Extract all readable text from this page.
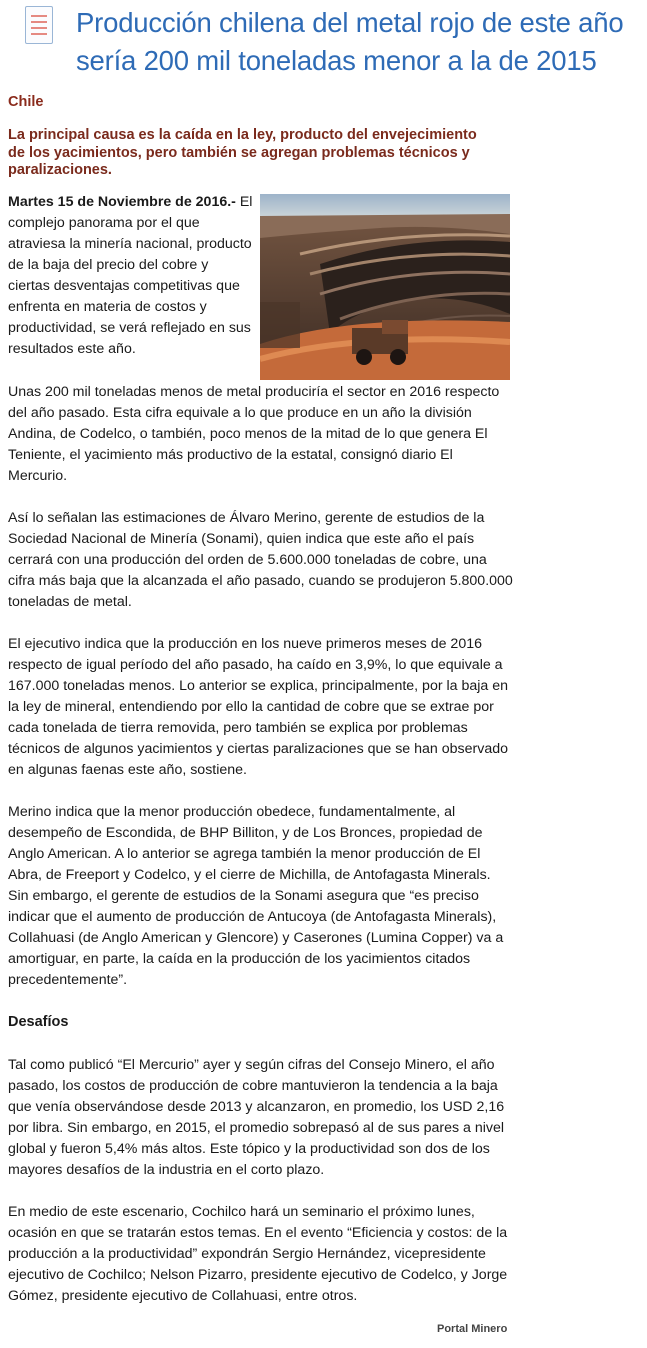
Producción chilena del metal rojo de este año sería 200 mil toneladas menor a la de 2015
Chile

La principal causa es la caída en la ley, producto del envejecimiento de los yacimientos, pero también se agregan problemas técnicos y paralizaciones.

Martes 15 de Noviembre de 2016.- El complejo panorama por el que atraviesa la minería nacional, producto de la baja del precio del cobre y ciertas desventajas competitivas que enfrenta en materia de costos y productividad, se verá reflejado en sus resultados este año.

Unas 200 mil toneladas menos de metal produciría el sector en 2016 respecto del año pasado. Esta cifra equivale a lo que produce en un año la división Andina, de Codelco, o también, poco menos de la mitad de lo que genera El Teniente, el yacimiento más productivo de la estatal, consignó diario El Mercurio.

Así lo señalan las estimaciones de Álvaro Merino, gerente de estudios de la Sociedad Nacional de Minería (Sonami), quien indica que este año el país cerrará con una producción del orden de 5.600.000 toneladas de cobre, una cifra más baja que la alcanzada el año pasado, cuando se produjeron 5.800.000 toneladas de metal.

El ejecutivo indica que la producción en los nueve primeros meses de 2016 respecto de igual período del año pasado, ha caído en 3,9%, lo que equivale a 167.000 toneladas menos. Lo anterior se explica, principalmente, por la baja en la ley de mineral, entendiendo por ello la cantidad de cobre que se extrae por cada tonelada de tierra removida, pero también se explica por problemas técnicos de algunos yacimientos y ciertas paralizaciones que se han observado en algunas faenas este año, sostiene.

Merino indica que la menor producción obedece, fundamentalmente, al desempeño de Escondida, de BHP Billiton, y de Los Bronces, propiedad de Anglo American. A lo anterior se agrega también la menor producción de El Abra, de Freeport y Codelco, y el cierre de Michilla, de Antofagasta Minerals. Sin embargo, el gerente de estudios de la Sonami asegura que “es preciso indicar que el aumento de producción de Antucoya (de Antofagasta Minerals), Collahuasi (de Anglo American y Glencore) y Caserones (Lumina Copper) va a amortiguar, en parte, la caída en la producción de los yacimientos citados precedentemente”.

Desafíos

Tal como publicó “El Mercurio” ayer y según cifras del Consejo Minero, el año pasado, los costos de producción de cobre mantuvieron la tendencia a la baja que venía observándose desde 2013 y alcanzaron, en promedio, los USD 2,16 por libra. Sin embargo, en 2015, el promedio sobrepasó al de sus pares a nivel global y fueron 5,4% más altos. Este tópico y la productividad son dos de los mayores desafíos de la industria en el corto plazo.

En medio de este escenario, Cochilco hará un seminario el próximo lunes, ocasión en que se tratarán estos temas. En el evento “Eficiencia y costos: de la producción a la productividad” expondrán Sergio Hernández, vicepresidente ejecutivo de Cochilco; Nelson Pizarro, presidente ejecutivo de Codelco, y Jorge Gómez, presidente ejecutivo de Collahuasi, entre otros.

Portal Minero
